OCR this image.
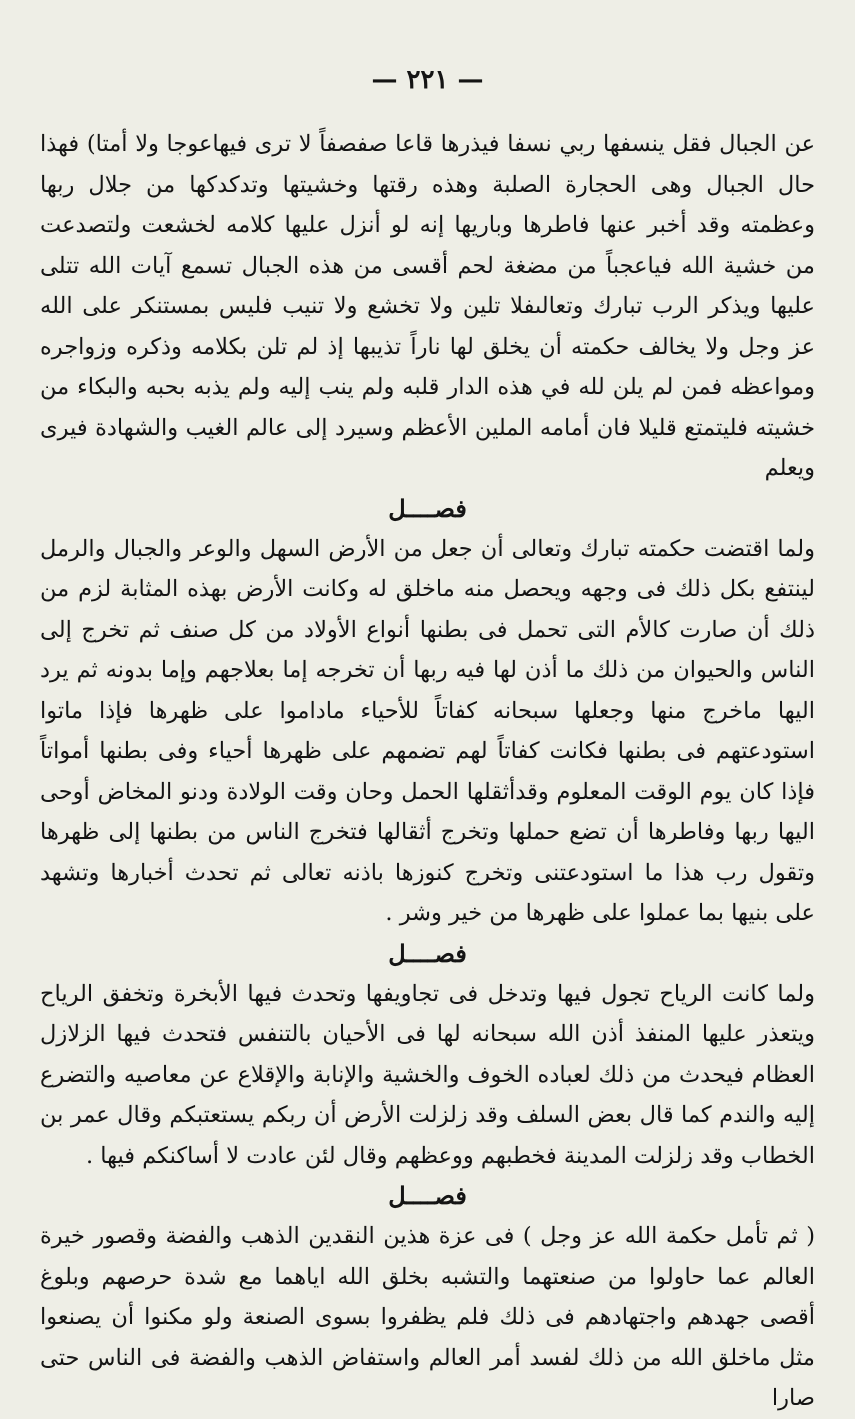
— ٢٢١ —

عن الجبال فقل ينسفها ربي نسفا فيذرها قاعا صفصفاً لا ترى فيهاعوجا ولا أمتا) فهذا حال الجبال وهى الحجارة الصلبة وهذه رقتها وخشيتها وتدكدكها من جلال ربها وعظمته وقد أخبر عنها فاطرها وباريها إنه لو أنزل عليها كلامه لخشعت ولتصدعت من خشية الله فياعجباً من مضغة لحم أقسى من هذه الجبال تسمع آيات الله تتلى عليها ويذكر الرب تبارك وتعالىفلا تلين ولا تخشع ولا تنيب فليس بمستنكر على الله عز وجل ولا يخالف حكمته أن يخلق لها ناراً تذيبها إذ لم تلن بكلامه وذكره وزواجره ومواعظه فمن لم يلن لله في هذه الدار قلبه ولم ينب إليه ولم يذبه بحبه والبكاء من خشيته فليتمتع قليلا فان أمامه الملين الأعظم وسيرد إلى عالم الغيب والشهادة فيرى ويعلم

فصــــل

ولما اقتضت حكمته تبارك وتعالى أن جعل من الأرض السهل والوعر والجبال والرمل لينتفع بكل ذلك فى وجهه ويحصل منه ماخلق له وكانت الأرض بهذه المثابة لزم من ذلك أن صارت كالأم التى تحمل فى بطنها أنواع الأولاد من كل صنف ثم تخرج إلى الناس والحيوان من ذلك ما أذن لها فيه ربها أن تخرجه إما بعلاجهم وإما بدونه ثم يرد اليها ماخرج منها وجعلها سبحانه كفاتاً للأحياء ماداموا على ظهرها فإذا ماتوا استودعتهم فى بطنها فكانت كفاتاً لهم تضمهم على ظهرها أحياء وفى بطنها أمواتاً فإذا كان يوم الوقت المعلوم وقدأثقلها الحمل وحان وقت الولادة ودنو المخاض أوحى اليها ربها وفاطرها أن تضع حملها وتخرج أثقالها فتخرج الناس من بطنها إلى ظهرها وتقول رب هذا ما استودعتنى وتخرج كنوزها باذنه تعالى ثم تحدث أخبارها وتشهد على بنيها بما عملوا على ظهرها من خير وشر .

فصــــل

ولما كانت الرياح تجول فيها وتدخل فى تجاويفها وتحدث فيها الأبخرة وتخفق الرياح ويتعذر عليها المنفذ أذن الله سبحانه لها فى الأحيان بالتنفس فتحدث فيها الزلازل العظام فيحدث من ذلك لعباده الخوف والخشية والإنابة والإقلاع عن معاصيه والتضرع إليه والندم كما قال بعض السلف وقد زلزلت الأرض أن ربكم يستعتبكم وقال عمر بن الخطاب وقد زلزلت المدينة فخطبهم ووعظهم وقال لئن عادت لا أساكنكم فيها .

فصــــل

( ثم تأمل حكمة الله عز وجل ) فى عزة هذين النقدين الذهب والفضة وقصور خيرة العالم عما حاولوا من صنعتهما والتشبه بخلق الله اياهما مع شدة حرصهم وبلوغ أقصى جهدهم واجتهادهم فى ذلك فلم يظفروا بسوى الصنعة ولو مكنوا أن يصنعوا مثل ماخلق الله من ذلك لفسد أمر العالم واستفاض الذهب والفضة فى الناس حتى صارا
